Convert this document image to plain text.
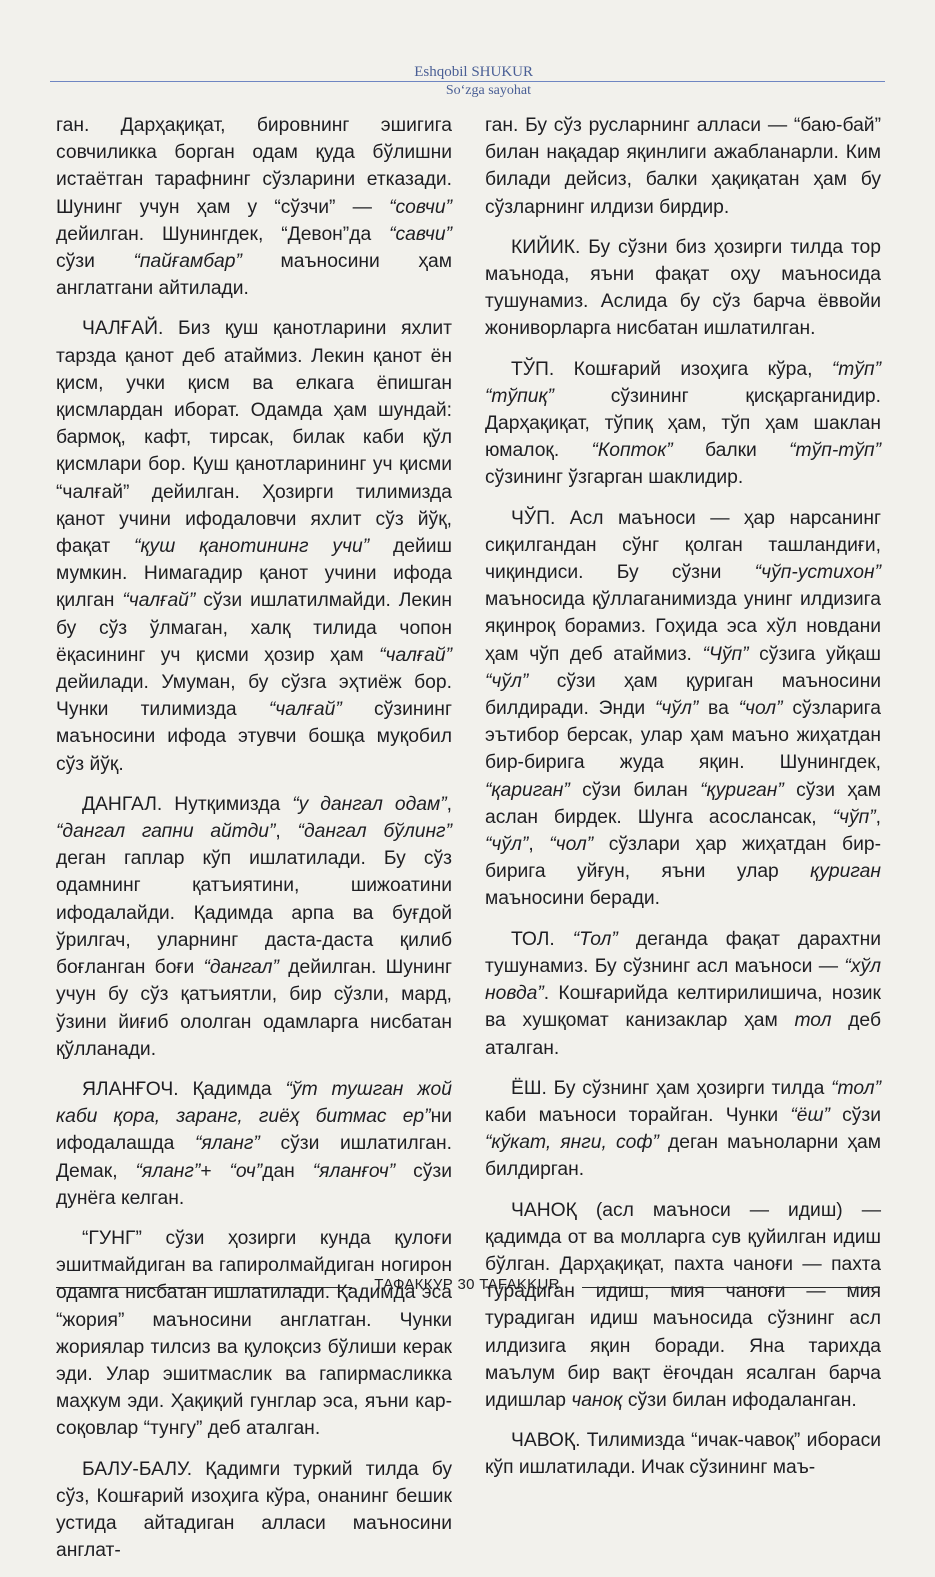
Eshqobil SHUKUR
So‘zga sayohat

ган. Дарҳақиқат, бировнинг эшигига совчиликка борган одам қуда бўлишни истаётган тарафнинг сўзларини етказади. Шунинг учун ҳам у “сўзчи” — “совчи” дейилган. Шунингдек, “Девон”да “савчи” сўзи “пайғамбар” маъносини ҳам англатгани айтилади.

ЧАЛҒАЙ. Биз қуш қанотларини яхлит тарзда қанот деб атаймиз. Лекин қанот ён қисм, учки қисм ва елкага ёпишган қисмлардан иборат. Одамда ҳам шундай: бармоқ, кафт, тирсак, билак каби қўл қисмлари бор. Қуш қанотларининг уч қисми “чалғай” дейилган. Ҳозирги тилимизда қанот учини ифодаловчи яхлит сўз йўқ, фақат “қуш қанотининг учи” дейиш мумкин. Нимагадир қанот учини ифода қилган “чалғай” сўзи ишлатилмайди. Лекин бу сўз ўлмаган, халқ тилида чопон ёқасининг уч қисми ҳозир ҳам “чалғай” дейилади. Умуман, бу сўзга эҳтиёж бор. Чунки тилимизда “чалғай” сўзининг маъносини ифода этувчи бошқа муқобил сўз йўқ.

ДАНГАЛ. Нутқимизда “у дангал одам”, “дангал гапни айтди”, “дангал бўлинг” деган гаплар кўп ишлатилади. Бу сўз одамнинг қатъиятини, шижоатини ифодалайди. Қадимда арпа ва буғдой ўрилгач, уларнинг даста-даста қилиб боғланган боғи “дангал” дейилган. Шунинг учун бу сўз қатъиятли, бир сўзли, мард, ўзини йиғиб ололган одамларга нисбатан қўлланади.

ЯЛАНҒОЧ. Қадимда “ўт тушган жой каби қора, заранг, гиёҳ битмас ер”ни ифодалашда “яланг” сўзи ишлатилган. Демак, “яланг”+ “оч”дан “яланғоч” сўзи дунёга келган.

“ГУНГ” сўзи ҳозирги кунда қулоғи эшитмайдиган ва гапиролмайдиган ногирон одамга нисбатан ишлатилади. Қадимда эса “жория” маъносини англатган. Чунки жориялар тилсиз ва қулоқсиз бўлиши керак эди. Улар эшитмаслик ва гапирмасликка маҳкум эди. Ҳақиқий гунглар эса, яъни кар-соқовлар “тунгу” деб аталган.

БАЛУ-БАЛУ. Қадимги туркий тилда бу сўз, Кошғарий изоҳига кўра, онанинг бешик устида айтадиган алласи маъносини англат-

ган. Бу сўз русларнинг алласи — “баю-бай” билан нақадар яқинлиги ажабланарли. Ким билади дейсиз, балки ҳақиқатан ҳам бу сўзларнинг илдизи бирдир.

КИЙИК. Бу сўзни биз ҳозирги тилда тор маънода, яъни фақат оҳу маъносида тушунамиз. Аслида бу сўз барча ёввойи жониворларга нисбатан ишлатилган.

ТЎП. Кошғарий изоҳига кўра, “тўп” “тўпиқ” сўзининг қисқарганидир. Дарҳақиқат, тўпиқ ҳам, тўп ҳам шаклан юмалоқ. “Копток” балки “тўп-тўп” сўзининг ўзгарган шаклидир.

ЧЎП. Асл маъноси — ҳар нарсанинг сиқилгандан сўнг қолган ташландиғи, чиқиндиси. Бу сўзни “чўп-устихон” маъносида қўллаганимизда унинг илдизига яқинроқ борамиз. Гоҳида эса хўл новдани ҳам чўп деб атаймиз. “Чўп” сўзига уйқаш “чўл” сўзи ҳам қуриган маъносини билдиради. Энди “чўл” ва “чол” сўзларига эътибор берсак, улар ҳам маъно жиҳатдан бир-бирига жуда яқин. Шунингдек, “қариган” сўзи билан “қуриган” сўзи ҳам аслан бирдек. Шунга асослансак, “чўп”, “чўл”, “чол” сўзлари ҳар жиҳатдан бир-бирига уйғун, яъни улар қуриган маъносини беради.

ТОЛ. “Тол” деганда фақат дарахтни тушунамиз. Бу сўзнинг асл маъноси — “хўл новда”. Кошғарийда келтирилишича, нозик ва хушқомат канизаклар ҳам тол деб аталган.

ЁШ. Бу сўзнинг ҳам ҳозирги тилда “тол” каби маъноси торайган. Чунки “ёш” сўзи “кўкат, янги, соф” деган маъноларни ҳам билдирган.

ЧАНОҚ (асл маъноси — идиш) — қадимда от ва молларга сув қуйилган идиш бўлган. Дарҳақиқат, пахта чаноғи — пахта турадиган идиш, мия чаноғи — мия турадиган идиш маъносида сўзнинг асл илдизига яқин боради. Яна тарихда маълум бир вақт ёғочдан ясалган барча идишлар чаноқ сўзи билан ифодаланган.

ЧАВОҚ. Тилимизда “ичак-чавоқ” ибораси кўп ишлатилади. Ичак сўзининг маъ-

ТАФАККУР 30 TAFAKKUR
